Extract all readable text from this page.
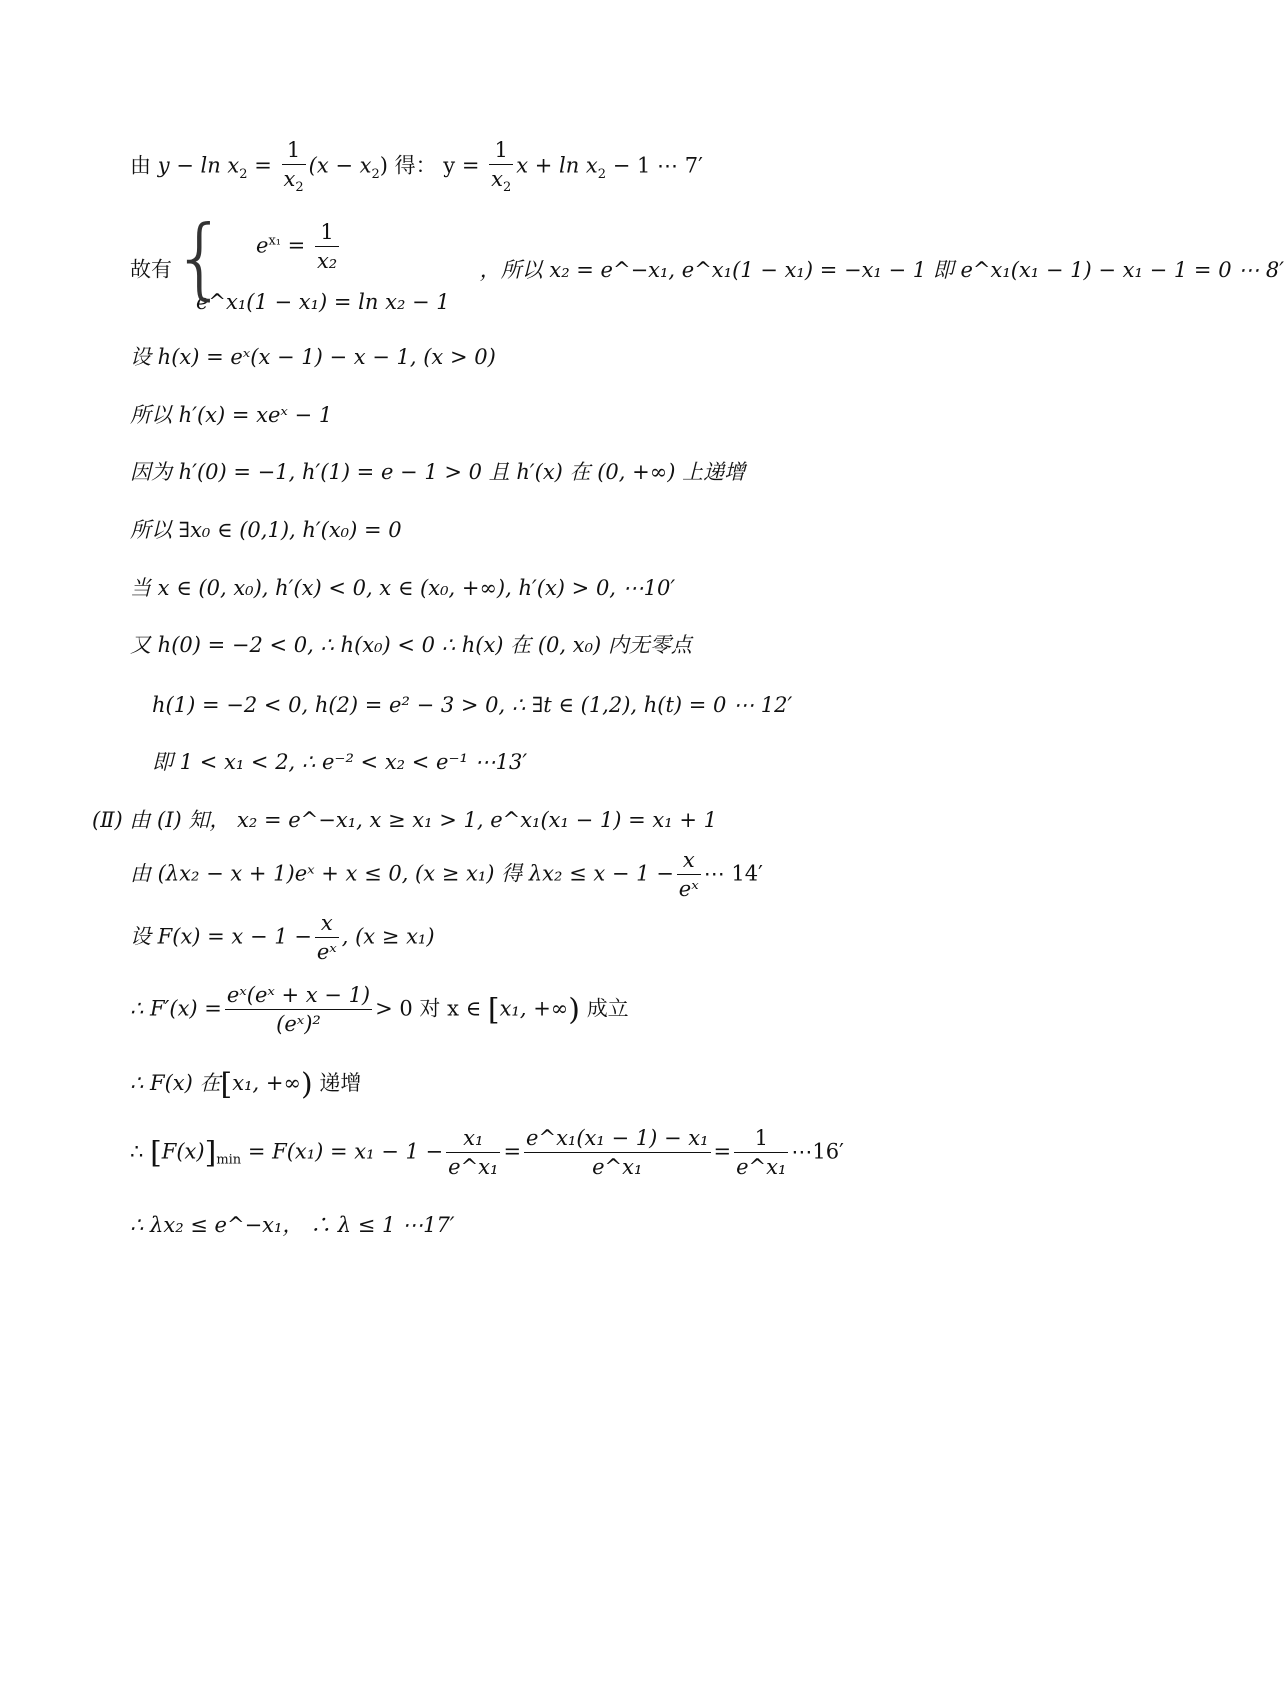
由 $y - \ln x_2 = \frac{1}{x_2} (x - x_2)$ 得： $y = \frac{1}{x_2}$ $x + \ln x_2 - 1$ ⋯ 7′
故有 {	$e^{x_1} = \frac{1}{\text{x₂}}$
e^x₁(1 − x₁) = ln x₂ − 1
，所以 x₂ = e^−x₁, e^x₁(1 − x₁) = −x₁ − 1 即 e^x₁(x₁ − 1) − x₁ − 1 = 0 ⋯ 8′
设 h(x) = eˣ(x − 1) − x − 1, (x > 0)
所以 h′(x) = xeˣ − 1
因为 h′(0) = −1, h′(1) = e − 1 > 0 且 h′(x) 在 (0, +∞) 上递增
所以 ∃x₀ ∈ (0,1), h′(x₀) = 0
当 x ∈ (0, x₀), h′(x) < 0, x ∈ (x₀, +∞), h′(x) > 0, ⋯10′
又 h(0) = −2 < 0, ∴ h(x₀) < 0 ∴ h(x) 在 (0, x₀) 内无零点
h(1) = −2 < 0, h(2) = e² − 3 > 0, ∴ ∃t ∈ (1,2), h(t) = 0 ⋯ 12′
即 1 < x₁ < 2, ∴ e⁻² < x₂ < e⁻¹ ⋯13′
(Ⅱ) 由 (Ⅰ) 知， x₂ = e^−x₁, x ≥ x₁ > 1, e^x₁(x₁ − 1) = x₁ + 1
由 (λx₂ − x + 1)eˣ + x ≤ 0, (x ≥ x₁) 得 $\lambda x_2 \le x - 1 - \frac{x}{\text{eˣ}}$ ⋯ 14′
设 $F(x) = x - 1 - \frac{x}{\text{eˣ}}$ , (x ≥ x₁)
∴ $F'(x) = \frac{\text{eˣ(eˣ + x − 1)}}{\text{(eˣ)²}} > 0$ 对 x ∈ [x₁, +∞) 成立
∴ F(x) 在[x₁, +∞) 递增
∴ $[F(x)]_{min} = F(x_1) = x_1 - 1 - \frac{\text{x₁}}{\text{e\textasciicircum{}x₁}} = \frac{\text{e\textasciicircum{}x₁(x₁ − 1) − x₁}}{\text{e\textasciicircum{}x₁}} = \frac{1}{\text{e\textasciicircum{}x₁}}$ ⋯16′
∴ λx₂ ≤ e^−x₁， ∴ λ ≤ 1 ⋯17′
